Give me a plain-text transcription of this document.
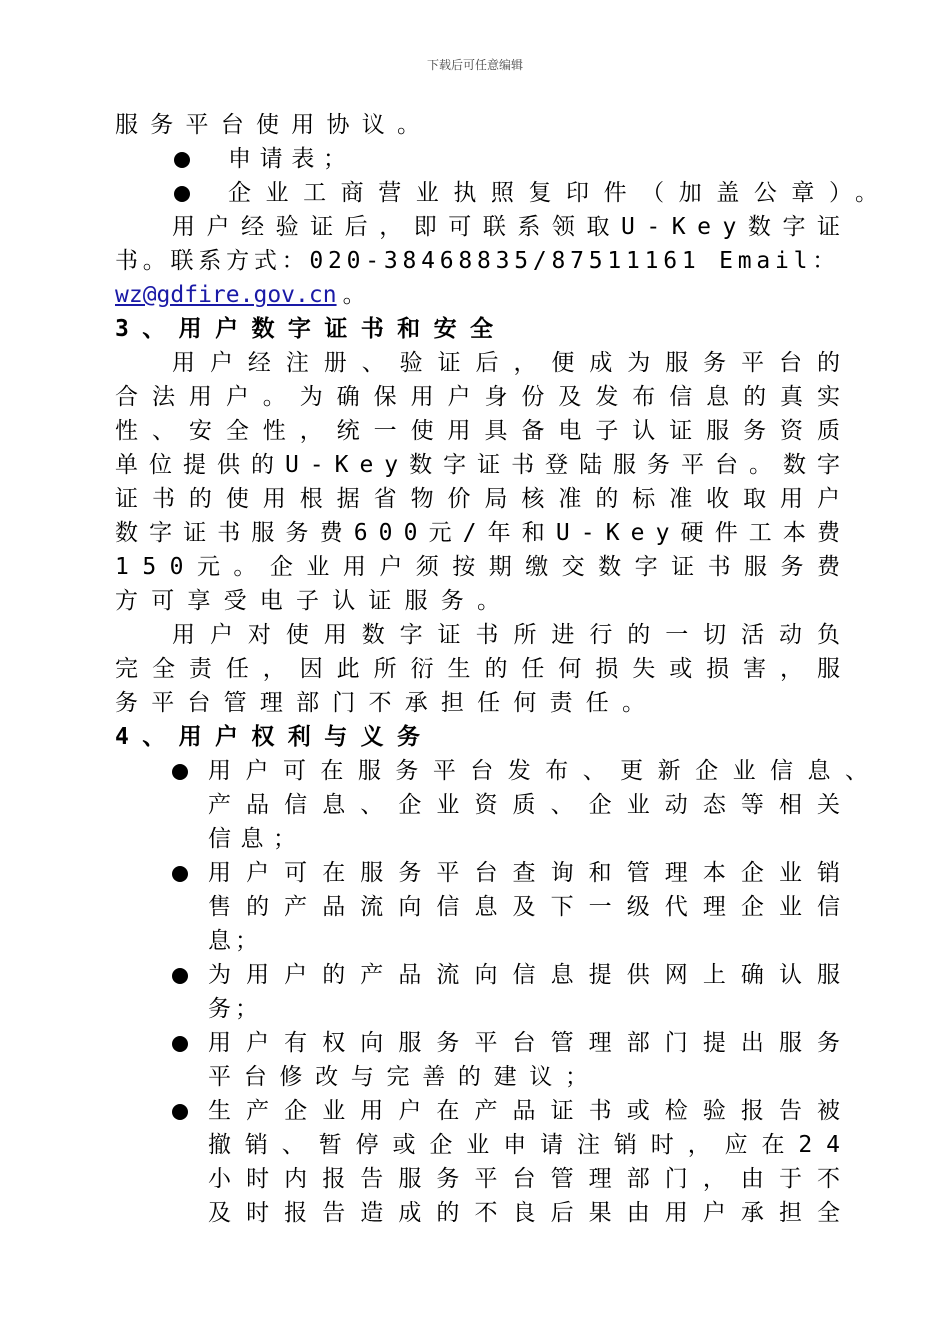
下载后可任意编辑
服务平台使用协议。
申请表；
企业工商营业执照复印件（加盖公章）。
用户经验证后，即可联系领取U-Key数字证
书。联系方式：020-38468835/87511161 Email：
wz@gdfire.gov.cn 。
3、用户数字证书和安全
用户经注册、验证后，便成为服务平台的
合法用户。为确保用户身份及发布信息的真实
性、安全性，统一使用具备电子认证服务资质
单位提供的U-Key数字证书登陆服务平台。数字
证书的使用根据省物价局核准的标准收取用户
数字证书服务费600元/年和U-Key硬件工本费
150元。企业用户须按期缴交数字证书服务费
方可享受电子认证服务。
用户对使用数字证书所进行的一切活动负
完全责任，因此所衍生的任何损失或损害，服
务平台管理部门不承担任何责任。
4、用户权利与义务
用户可在服务平台发布、更新企业信息、
产品信息、企业资质、企业动态等相关
信息；
用户可在服务平台查询和管理本企业销
售的产品流向信息及下一级代理企业信
息；
为用户的产品流向信息提供网上确认服
务；
用户有权向服务平台管理部门提出服务
平台修改与完善的建议；
生产企业用户在产品证书或检验报告被
撤销、暂停或企业申请注销时，应在24
小时内报告服务平台管理部门，由于不
及时报告造成的不良后果由用户承担全
